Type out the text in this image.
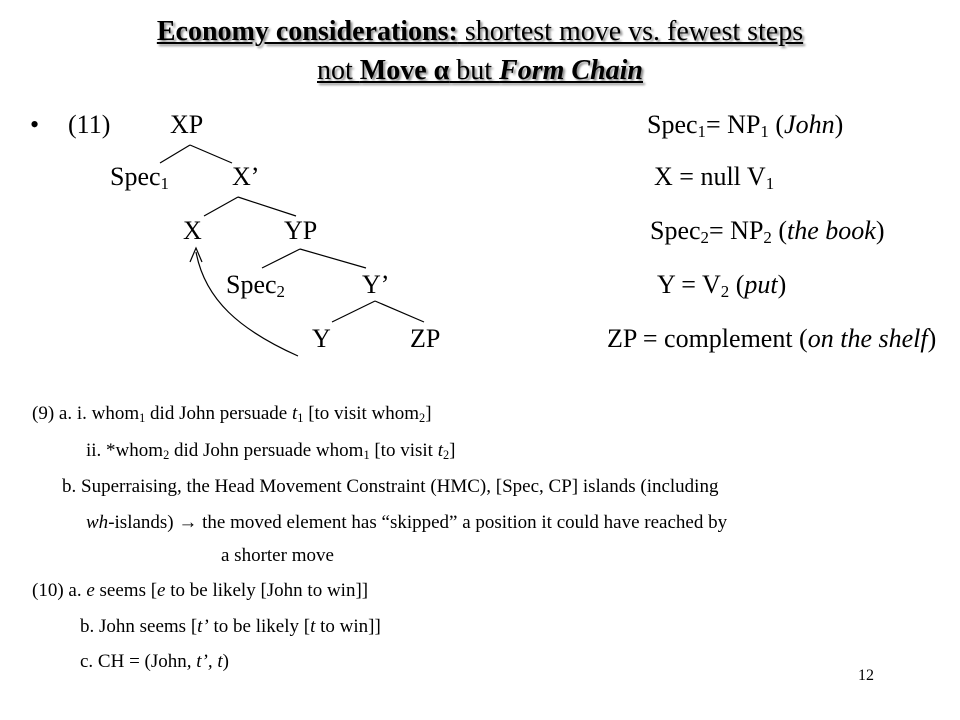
Economy considerations: shortest move vs. fewest steps
not Move α but Form Chain
• (11) XP
Spec$_1$ X’
X	YP
Spec$_2$	Y’
Y	ZP
Spec$_1$= $NP_1$ (John)
X = null $V_1$
Spec$_2$= $NP_2$ (the book)
$Y = V_2$ (put)
ZP = complement (on the shelf)
(9) a. i. whom$_1$ did John persuade $t_1$ [to visit whom$_2$]
ii. *whom$_2$ did John persuade whom$_1$ [to visit $t_2$]
b. Superraising, the Head Movement Constraint (HMC), [Spec, CP] islands (including
wh-islands) → the moved element has “skipped” a position it could have reached by
a shorter move
(10) a. e seems [e to be likely [John to win]]
b. John seems [t’ to be likely [t to win]]
c. CH = (John, t’, t)
12
